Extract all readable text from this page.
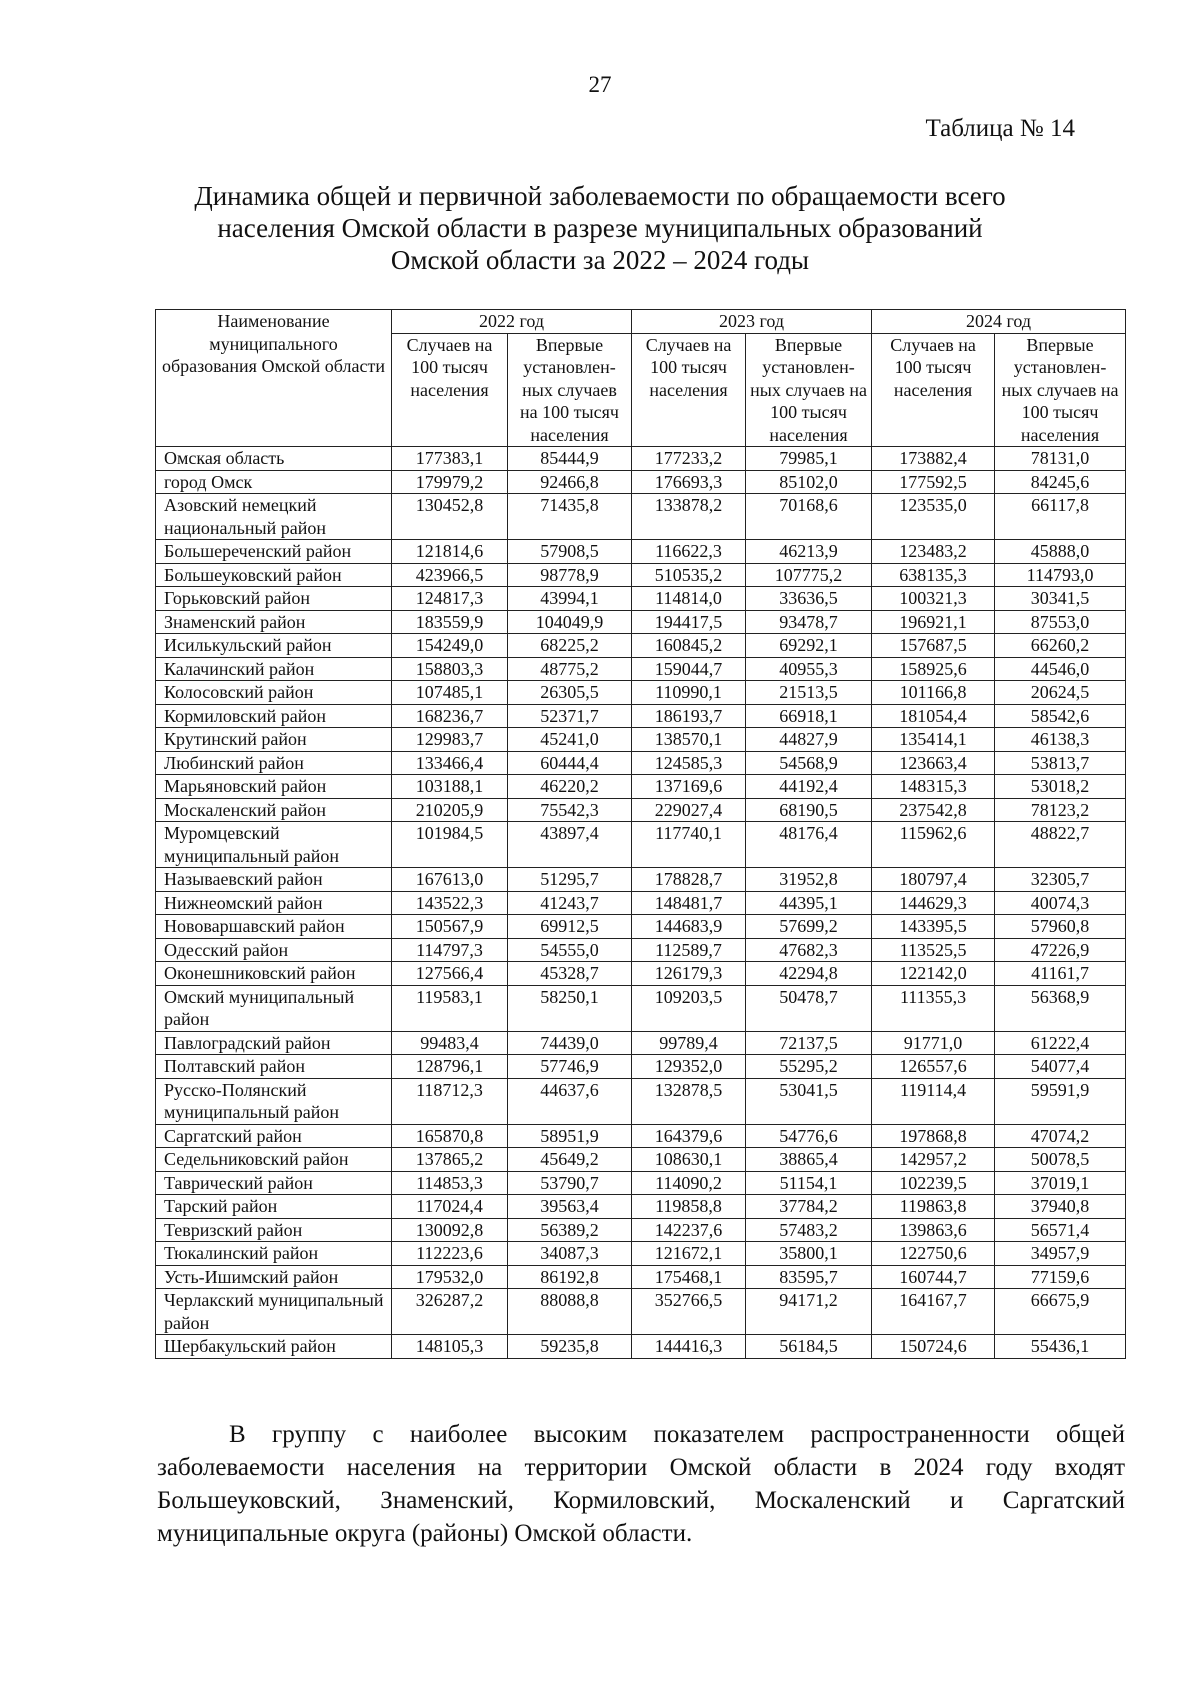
27
Таблица № 14
Динамика общей и первичной заболеваемости по обращаемости всего
населения Омской области в разрезе муниципальных образований
Омской области за 2022 – 2024 годы
Наименование муниципального образования Омской области	2022 год		2023 год		2024 год	
	Случаев на 100 тысяч населения	Впервые установлен-ных случаев на 100 тысяч населения	Случаев на 100 тысяч населения	Впервые установлен-ных случаев на 100 тысяч населения	Случаев на 100 тысяч населения	Впервые установлен-ных случаев на 100 тысяч населения
Омская область	177383,1	85444,9	177233,2	79985,1	173882,4	78131,0
город Омск	179979,2	92466,8	176693,3	85102,0	177592,5	84245,6
Азовский немецкий национальный район	130452,8	71435,8	133878,2	70168,6	123535,0	66117,8
Большереченский район	121814,6	57908,5	116622,3	46213,9	123483,2	45888,0
Большеуковский район	423966,5	98778,9	510535,2	107775,2	638135,3	114793,0
Горьковский район	124817,3	43994,1	114814,0	33636,5	100321,3	30341,5
Знаменский район	183559,9	104049,9	194417,5	93478,7	196921,1	87553,0
Исилькульский район	154249,0	68225,2	160845,2	69292,1	157687,5	66260,2
Калачинский район	158803,3	48775,2	159044,7	40955,3	158925,6	44546,0
Колосовский район	107485,1	26305,5	110990,1	21513,5	101166,8	20624,5
Кормиловский район	168236,7	52371,7	186193,7	66918,1	181054,4	58542,6
Крутинский район	129983,7	45241,0	138570,1	44827,9	135414,1	46138,3
Любинский район	133466,4	60444,4	124585,3	54568,9	123663,4	53813,7
Марьяновский район	103188,1	46220,2	137169,6	44192,4	148315,3	53018,2
Москаленский район	210205,9	75542,3	229027,4	68190,5	237542,8	78123,2
Муромцевский муниципальный район	101984,5	43897,4	117740,1	48176,4	115962,6	48822,7
Называевский район	167613,0	51295,7	178828,7	31952,8	180797,4	32305,7
Нижнеомский район	143522,3	41243,7	148481,7	44395,1	144629,3	40074,3
Нововаршавский район	150567,9	69912,5	144683,9	57699,2	143395,5	57960,8
Одесский район	114797,3	54555,0	112589,7	47682,3	113525,5	47226,9
Оконешниковский район	127566,4	45328,7	126179,3	42294,8	122142,0	41161,7
Омский муниципальный район	119583,1	58250,1	109203,5	50478,7	111355,3	56368,9
Павлоградский район	99483,4	74439,0	99789,4	72137,5	91771,0	61222,4
Полтавский район	128796,1	57746,9	129352,0	55295,2	126557,6	54077,4
Русско-Полянский муниципальный район	118712,3	44637,6	132878,5	53041,5	119114,4	59591,9
Саргатский район	165870,8	58951,9	164379,6	54776,6	197868,8	47074,2
Седельниковский район	137865,2	45649,2	108630,1	38865,4	142957,2	50078,5
Таврический район	114853,3	53790,7	114090,2	51154,1	102239,5	37019,1
Тарский район	117024,4	39563,4	119858,8	37784,2	119863,8	37940,8
Тевризский район	130092,8	56389,2	142237,6	57483,2	139863,6	56571,4
Тюкалинский район	112223,6	34087,3	121672,1	35800,1	122750,6	34957,9
Усть-Ишимский район	179532,0	86192,8	175468,1	83595,7	160744,7	77159,6
Черлакский муниципальный район	326287,2	88088,8	352766,5	94171,2	164167,7	66675,9
Шербакульский район	148105,3	59235,8	144416,3	56184,5	150724,6	55436,1
В группу с наиболее высоким показателем распространенности общей заболеваемости населения на территории Омской области в 2024 году входят Большеуковский, Знаменский, Кормиловский, Москаленский и Саргатский муниципальные округа (районы) Омской области.
